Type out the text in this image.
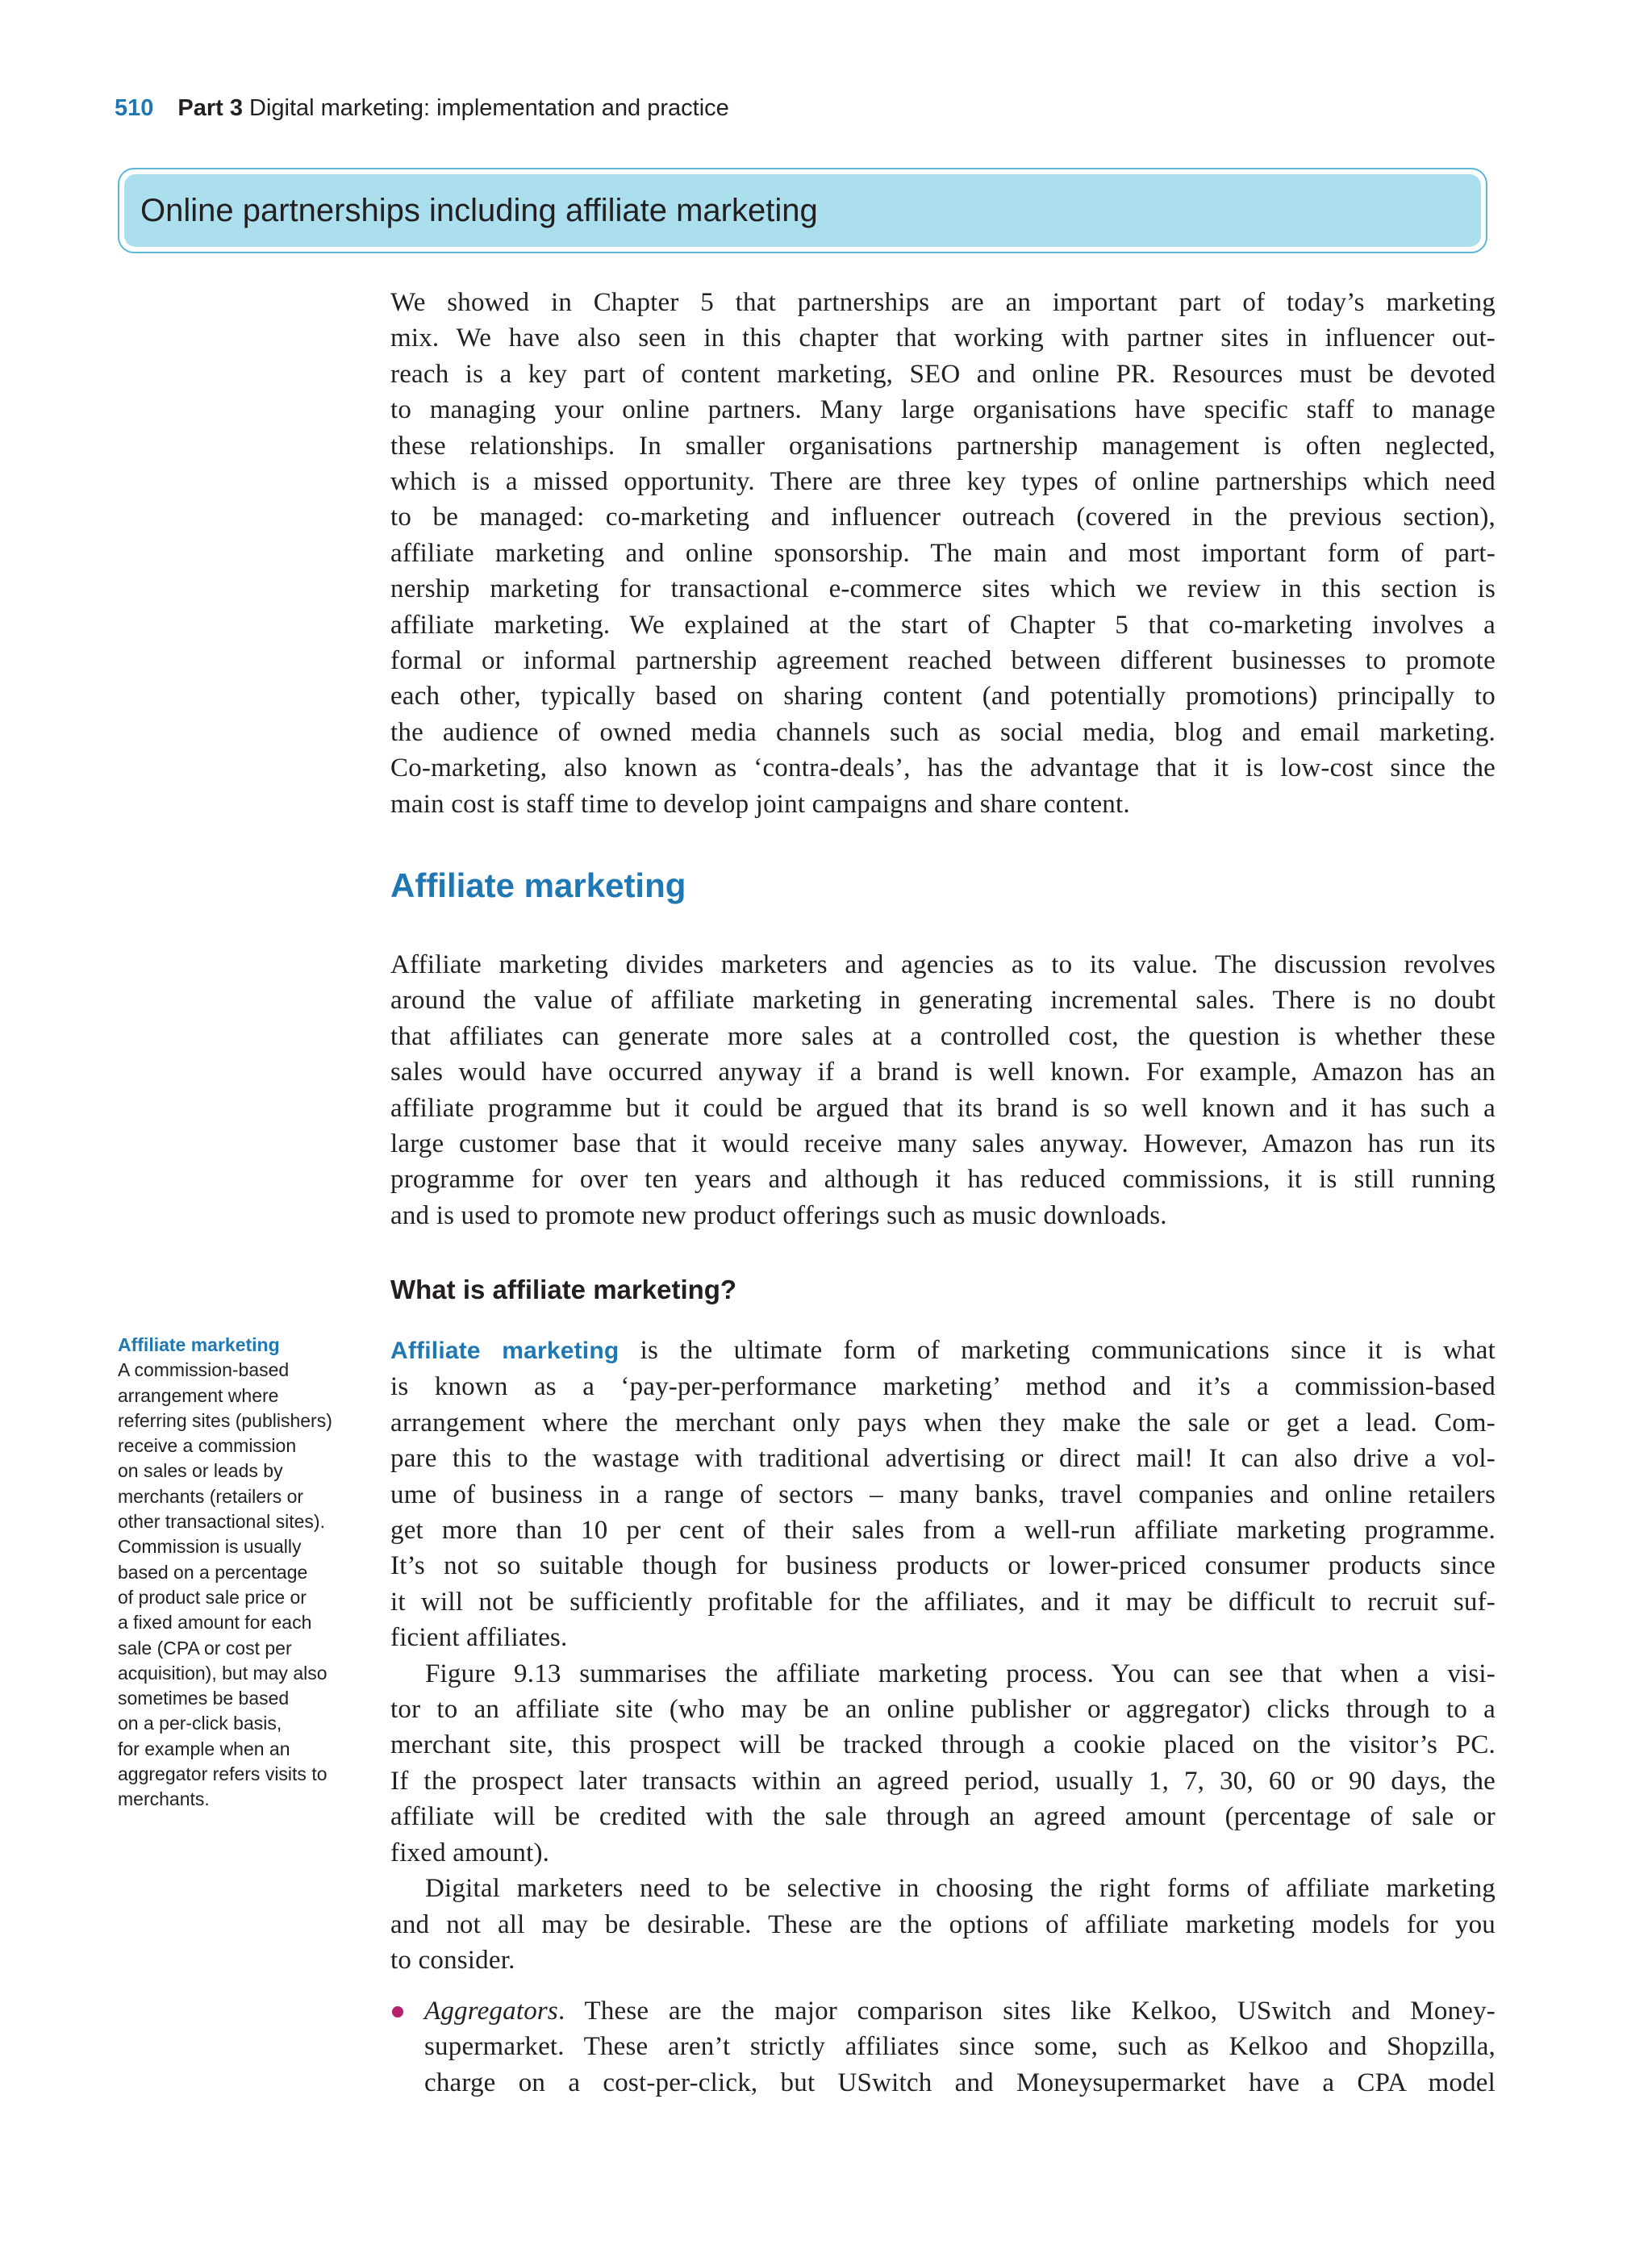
510 Part 3 Digital marketing: implementation and practice
Online partnerships including affiliate marketing
We showed in Chapter 5 that partnerships are an important part of today’s marketing
mix. We have also seen in this chapter that working with partner sites in influencer out-
reach is a key part of content marketing, SEO and online PR. Resources must be devoted
to managing your online partners. Many large organisations have specific staff to manage
these relationships. In smaller organisations partnership management is often neglected,
which is a missed opportunity. There are three key types of online partnerships which need
to be managed: co-marketing and influencer outreach (covered in the previous section),
affiliate marketing and online sponsorship. The main and most important form of part-
nership marketing for transactional e-commerce sites which we review in this section is
affiliate marketing. We explained at the start of Chapter 5 that co-marketing involves a
formal or informal partnership agreement reached between different businesses to promote
each other, typically based on sharing content (and potentially promotions) principally to
the audience of owned media channels such as social media, blog and email marketing.
Co-marketing, also known as ‘contra-deals’, has the advantage that it is low-cost since the
main cost is staff time to develop joint campaigns and share content.
Affiliate marketing
Affiliate marketing divides marketers and agencies as to its value. The discussion revolves
around the value of affiliate marketing in generating incremental sales. There is no doubt
that affiliates can generate more sales at a controlled cost, the question is whether these
sales would have occurred anyway if a brand is well known. For example, Amazon has an
affiliate programme but it could be argued that its brand is so well known and it has such a
large customer base that it would receive many sales anyway. However, Amazon has run its
programme for over ten years and although it has reduced commissions, it is still running
and is used to promote new product offerings such as music downloads.
What is affiliate marketing?
Affiliate marketing
A commission-based
arrangement where
referring sites (publishers)
receive a commission
on sales or leads by
merchants (retailers or
other transactional sites).
Commission is usually
based on a percentage
of product sale price or
a fixed amount for each
sale (CPA or cost per
acquisition), but may also
sometimes be based
on a per-click basis,
for example when an
aggregator refers visits to
merchants.
Affiliate marketing is the ultimate form of marketing communications since it is what
is known as a ‘pay-per-performance marketing’ method and it’s a commission-based
arrangement where the merchant only pays when they make the sale or get a lead. Com-
pare this to the wastage with traditional advertising or direct mail! It can also drive a vol-
ume of business in a range of sectors – many banks, travel companies and online retailers
get more than 10 per cent of their sales from a well-run affiliate marketing programme.
It’s not so suitable though for business products or lower-priced consumer products since
it will not be sufficiently profitable for the affiliates, and it may be difficult to recruit suf-
ficient affiliates.
Figure 9.13 summarises the affiliate marketing process. You can see that when a visi-
tor to an affiliate site (who may be an online publisher or aggregator) clicks through to a
merchant site, this prospect will be tracked through a cookie placed on the visitor’s PC.
If the prospect later transacts within an agreed period, usually 1, 7, 30, 60 or 90 days, the
affiliate will be credited with the sale through an agreed amount (percentage of sale or
fixed amount).
Digital marketers need to be selective in choosing the right forms of affiliate marketing
and not all may be desirable. These are the options of affiliate marketing models for you
to consider.
Aggregators. These are the major comparison sites like Kelkoo, USwitch and Money-
supermarket. These aren’t strictly affiliates since some, such as Kelkoo and Shopzilla,
charge on a cost-per-click, but USwitch and Moneysupermarket have a CPA model
